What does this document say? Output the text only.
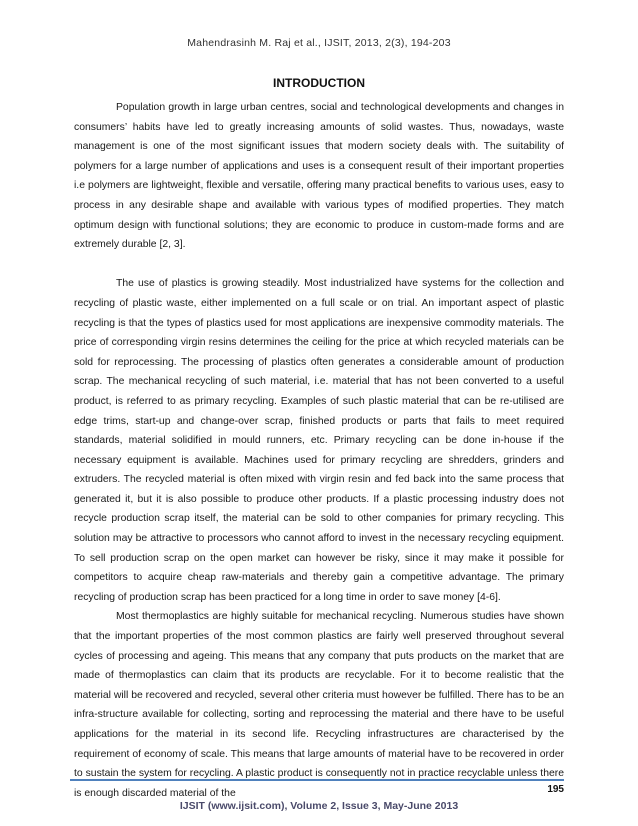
Mahendrasinh M. Raj et al., IJSIT, 2013, 2(3), 194-203
INTRODUCTION

Population growth in large urban centres, social and technological developments and changes in consumers’ habits have led to greatly increasing amounts of solid wastes. Thus, nowadays, waste management is one of the most significant issues that modern society deals with. The suitability of polymers for a large number of applications and uses is a consequent result of their important properties i.e polymers are lightweight, flexible and versatile, offering many practical benefits to various uses, easy to process in any desirable shape and available with various types of modified properties. They match optimum design with functional solutions; they are economic to produce in custom-made forms and are extremely durable [2, 3].

The use of plastics is growing steadily. Most industrialized have systems for the collection and recycling of plastic waste, either implemented on a full scale or on trial. An important aspect of plastic recycling is that the types of plastics used for most applications are inexpensive commodity materials. The price of corresponding virgin resins determines the ceiling for the price at which recycled materials can be sold for reprocessing. The processing of plastics often generates a considerable amount of production scrap. The mechanical recycling of such material, i.e. material that has not been converted to a useful product, is referred to as primary recycling. Examples of such plastic material that can be re-utilised are edge trims, start-up and change-over scrap, finished products or parts that fails to meet required standards, material solidified in mould runners, etc. Primary recycling can be done in-house if the necessary equipment is available. Machines used for primary recycling are shredders, grinders and extruders. The recycled material is often mixed with virgin resin and fed back into the same process that generated it, but it is also possible to produce other products. If a plastic processing industry does not recycle production scrap itself, the material can be sold to other companies for primary recycling. This solution may be attractive to processors who cannot afford to invest in the necessary recycling equipment. To sell production scrap on the open market can however be risky, since it may make it possible for competitors to acquire cheap raw-materials and thereby gain a competitive advantage. The primary recycling of production scrap has been practiced for a long time in order to save money [4-6].

Most thermoplastics are highly suitable for mechanical recycling. Numerous studies have shown that the important properties of the most common plastics are fairly well preserved throughout several cycles of processing and ageing. This means that any company that puts products on the market that are made of thermoplastics can claim that its products are recyclable. For it to become realistic that the material will be recovered and recycled, several other criteria must however be fulfilled. There has to be an infra-structure available for collecting, sorting and reprocessing the material and there have to be useful applications for the material in its second life. Recycling infrastructures are characterised by the requirement of economy of scale. This means that large amounts of material have to be recovered in order to sustain the system for recycling. A plastic product is consequently not in practice recyclable unless there is enough discarded material of the	195
IJSIT (www.ijsit.com), Volume 2, Issue 3, May-June 2013
